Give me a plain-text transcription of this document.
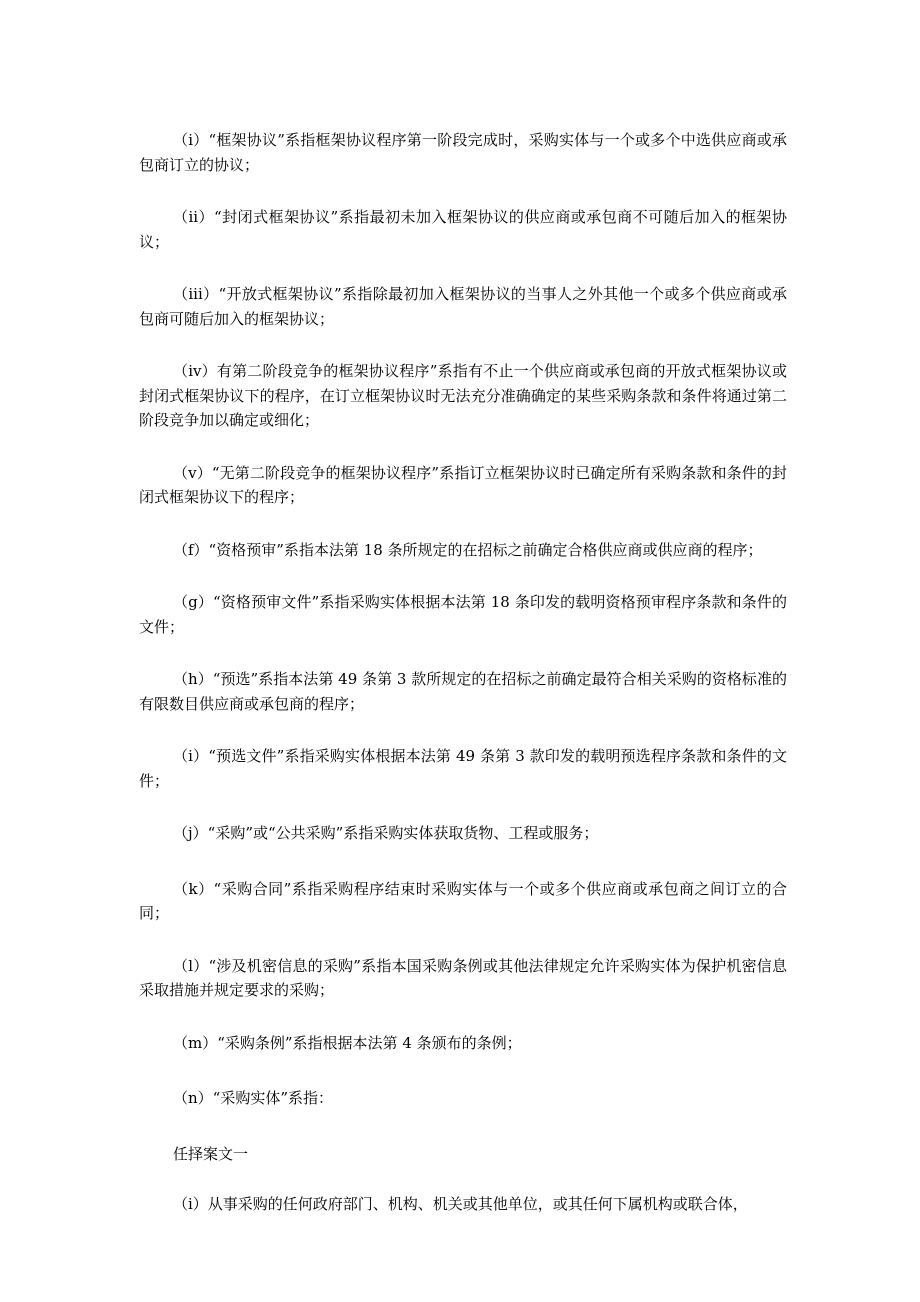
（i）“框架协议”系指框架协议程序第一阶段完成时，采购实体与一个或多个中选供应商或承包商订立的协议；

（ii）“封闭式框架协议”系指最初未加入框架协议的供应商或承包商不可随后加入的框架协议；

（iii）“开放式框架协议”系指除最初加入框架协议的当事人之外其他一个或多个供应商或承包商可随后加入的框架协议；

（iv）有第二阶段竞争的框架协议程序”系指有不止一个供应商或承包商的开放式框架协议或封闭式框架协议下的程序，在订立框架协议时无法充分准确确定的某些采购条款和条件将通过第二阶段竞争加以确定或细化；

（v）“无第二阶段竞争的框架协议程序”系指订立框架协议时已确定所有采购条款和条件的封闭式框架协议下的程序；

（f）“资格预审”系指本法第 18 条所规定的在招标之前确定合格供应商或供应商的程序；

（g）“资格预审文件”系指采购实体根据本法第 18 条印发的载明资格预审程序条款和条件的文件；

（h）“预选”系指本法第 49 条第 3 款所规定的在招标之前确定最符合相关采购的资格标准的有限数目供应商或承包商的程序；

（i）“预选文件”系指采购实体根据本法第 49 条第 3 款印发的载明预选程序条款和条件的文件；

（j）“采购”或“公共采购”系指采购实体获取货物、工程或服务；

（k）“采购合同”系指采购程序结束时采购实体与一个或多个供应商或承包商之间订立的合同；

（l）“涉及机密信息的采购”系指本国采购条例或其他法律规定允许采购实体为保护机密信息采取措施并规定要求的采购；

（m）“采购条例”系指根据本法第 4 条颁布的条例；

（n）“采购实体”系指：

任择案文一

（i）从事采购的任何政府部门、机构、机关或其他单位，或其任何下属机构或联合体，
